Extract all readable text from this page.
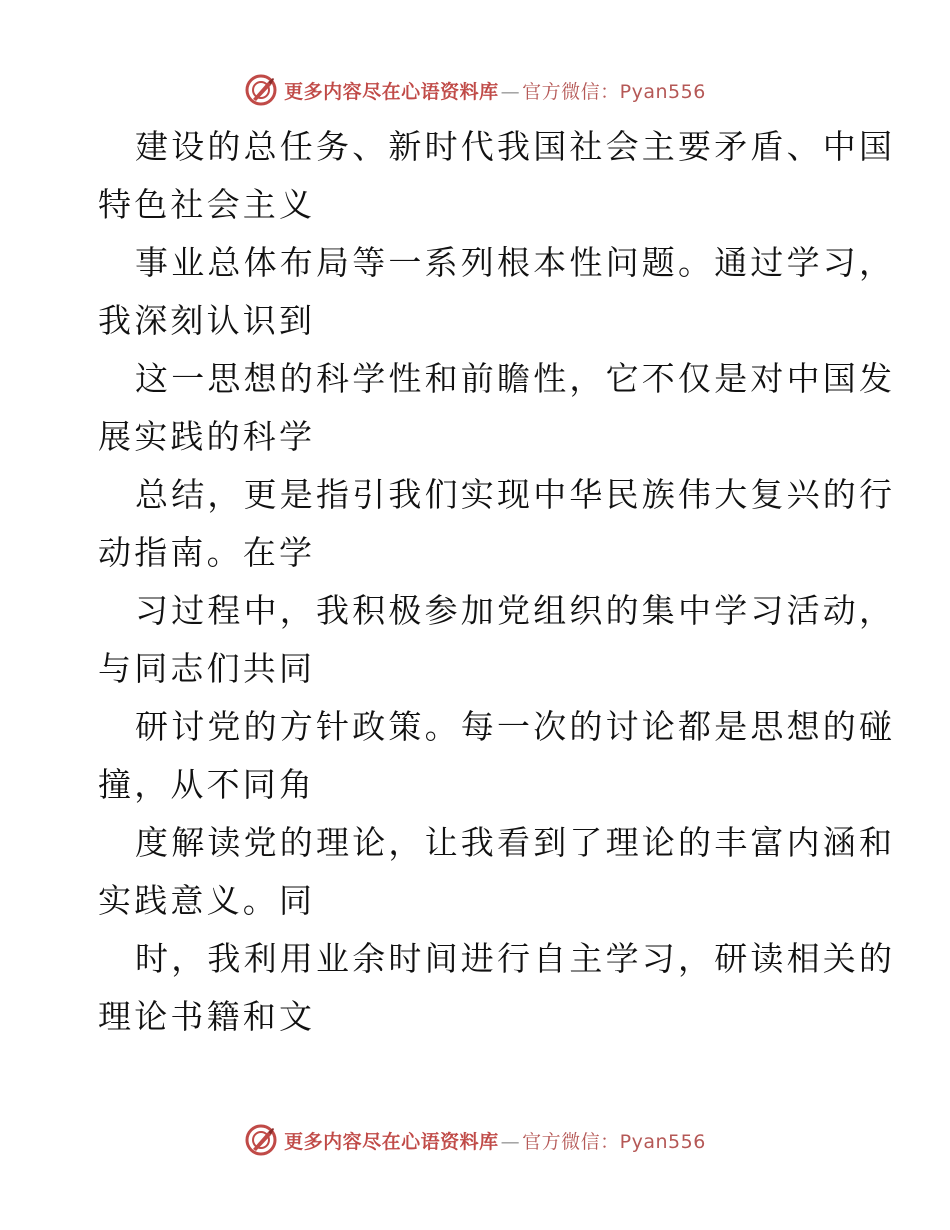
更多内容尽在心语资料库 — 官方微信：Pyan556
建设的总任务、新时代我国社会主要矛盾、中国
特色社会主义
事业总体布局等一系列根本性问题。通过学习，
我深刻认识到
这一思想的科学性和前瞻性，它不仅是对中国发
展实践的科学
总结，更是指引我们实现中华民族伟大复兴的行
动指南。在学
习过程中，我积极参加党组织的集中学习活动，
与同志们共同
研讨党的方针政策。每一次的讨论都是思想的碰
撞，从不同角
度解读党的理论，让我看到了理论的丰富内涵和
实践意义。同
时，我利用业余时间进行自主学习，研读相关的
理论书籍和文
更多内容尽在心语资料库 — 官方微信：Pyan556
